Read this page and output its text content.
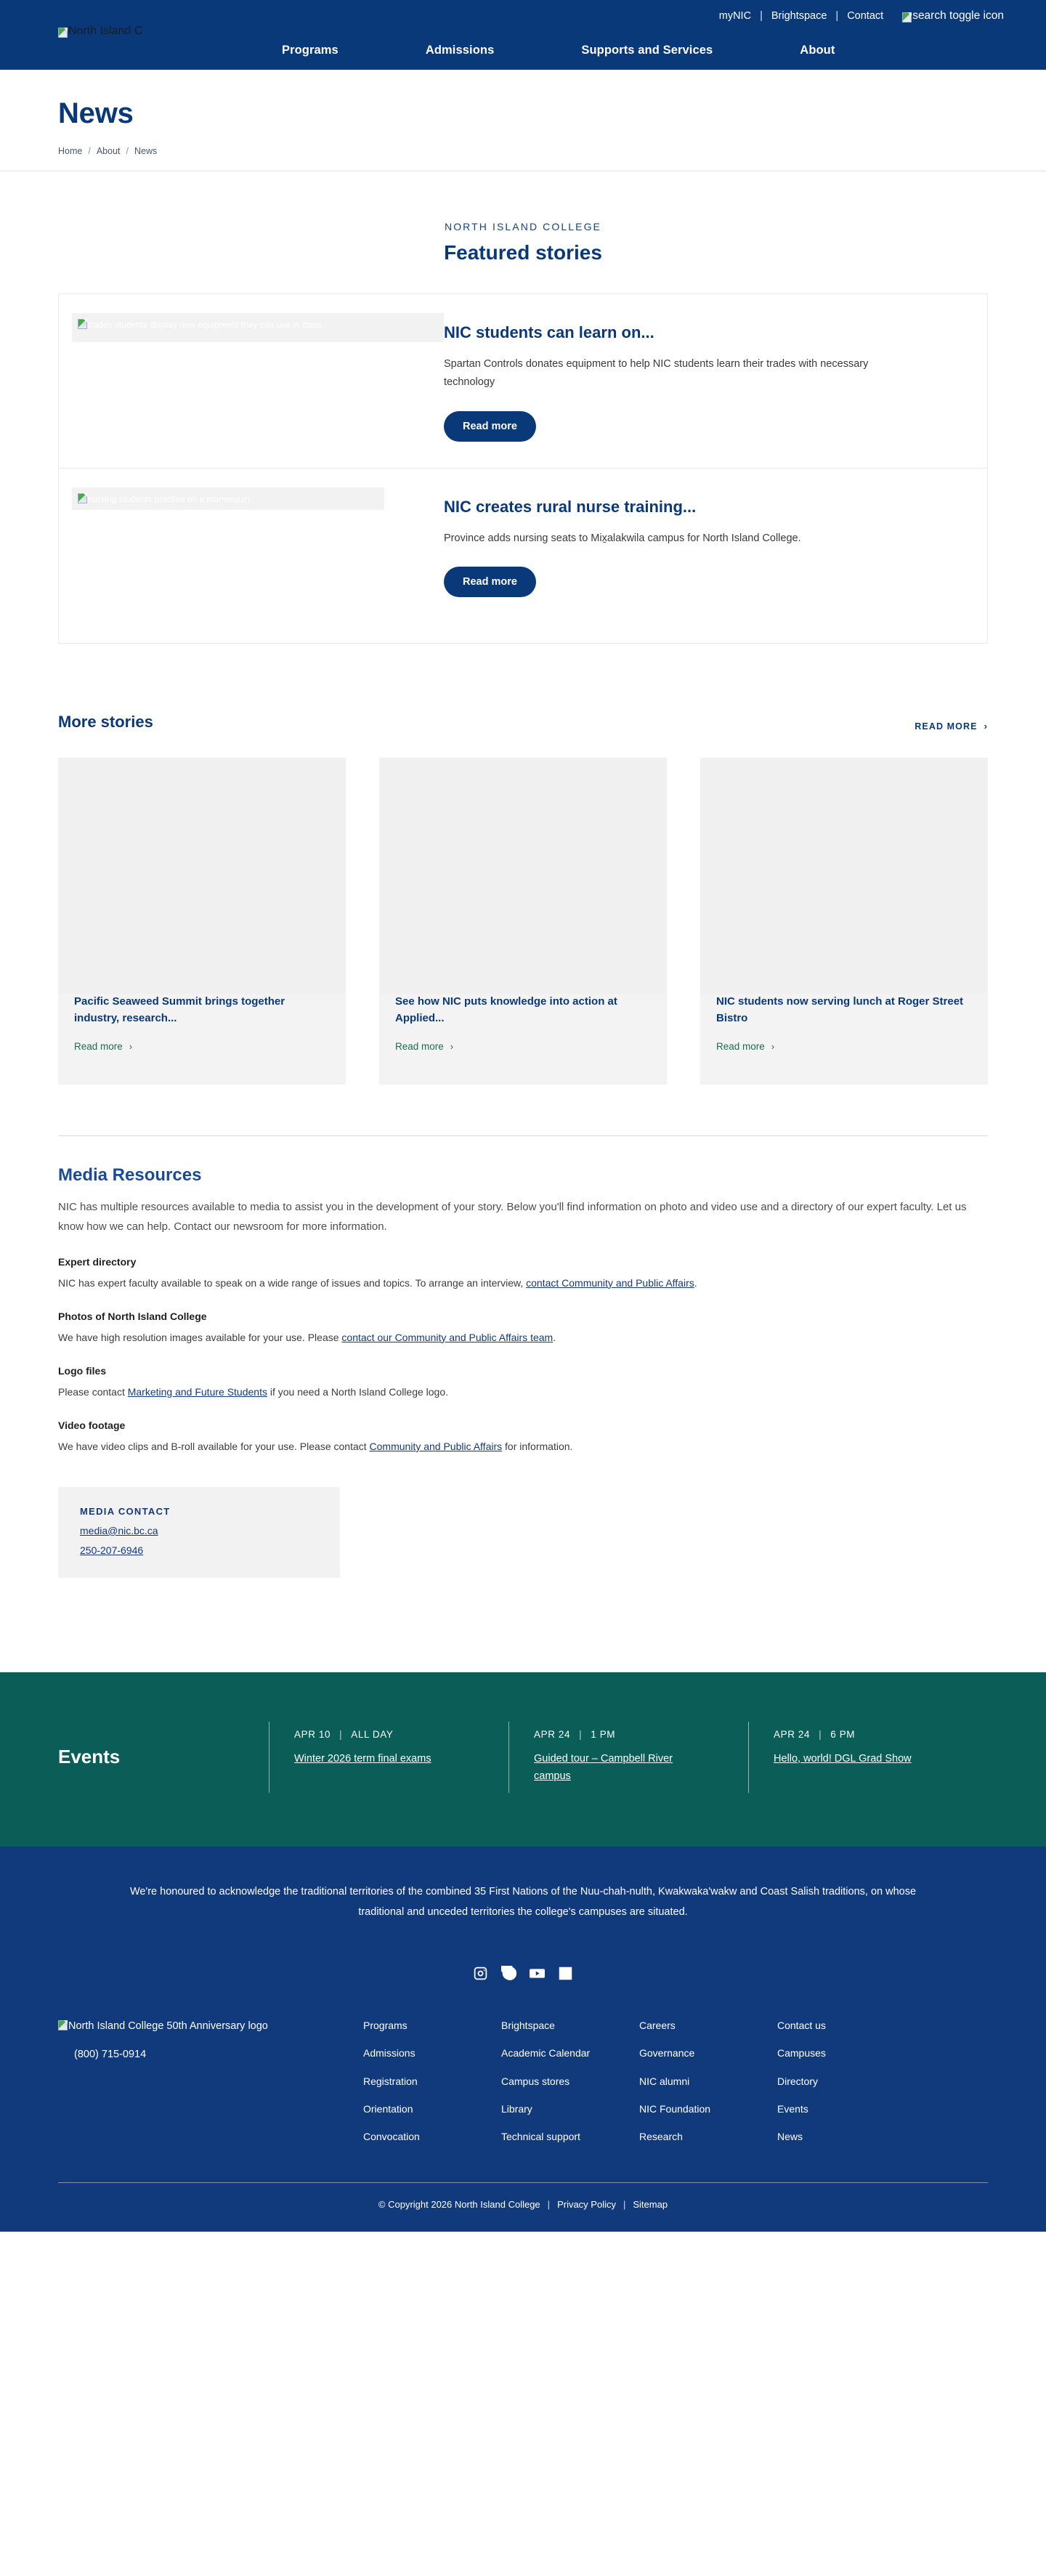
myNIC | Brightspace | Contact	search toggle icon
North Island C
Programs	Admissions	Supports and Services	About
News
Home / About / News
NORTH ISLAND COLLEGE
Featured stories
trades students display new equipment they can use in class	NIC students can learn on...

Spartan Controls donates equipment to help NIC students learn their trades with necessary technology

Read more
nursing students practise on a mannequin	NIC creates rural nurse training...

Province adds nursing seats to Mix̱alakwila campus for North Island College.

Read more
More stories	READ MORE ›
Pacific Seaweed Summit brings together industry, research...
Read more ›
See how NIC puts knowledge into action at Applied...
Read more ›
NIC students now serving lunch at Roger Street Bistro
Read more ›
Media Resources

NIC has multiple resources available to media to assist you in the development of your story. Below you'll find information on photo and video use and a directory of our expert faculty. Let us know how we can help. Contact our newsroom for more information.

Expert directory

NIC has expert faculty available to speak on a wide range of issues and topics. To arrange an interview, contact Community and Public Affairs.

Photos of North Island College

We have high resolution images available for your use. Please contact our Community and Public Affairs team.

Logo files

Please contact Marketing and Future Students if you need a North Island College logo.

Video footage

We have video clips and B-roll available for your use. Please contact Community and Public Affairs for information.

MEDIA CONTACT
media@nic.bc.ca
250-207-6946
Events
APR 10 | ALL DAY
Winter 2026 term final exams
APR 24 | 1 PM
Guided tour – Campbell River campus
APR 24 | 6 PM
Hello, world! DGL Grad Show
We're honoured to acknowledge the traditional territories of the combined 35 First Nations of the Nuu-chah-nulth, Kwakwaka'wakw and Coast Salish traditions, on whose traditional and unceded territories the college's campuses are situated.
North Island College 50th Anniversary logo
(800) 715-0914
Programs
Admissions
Registration
Orientation
Convocation
Brightspace
Academic Calendar
Campus stores
Library
Technical support
Careers
Governance
NIC alumni
NIC Foundation
Research
Contact us
Campuses
Directory
Events
News
© Copyright 2026 North Island College | Privacy Policy | Sitemap
